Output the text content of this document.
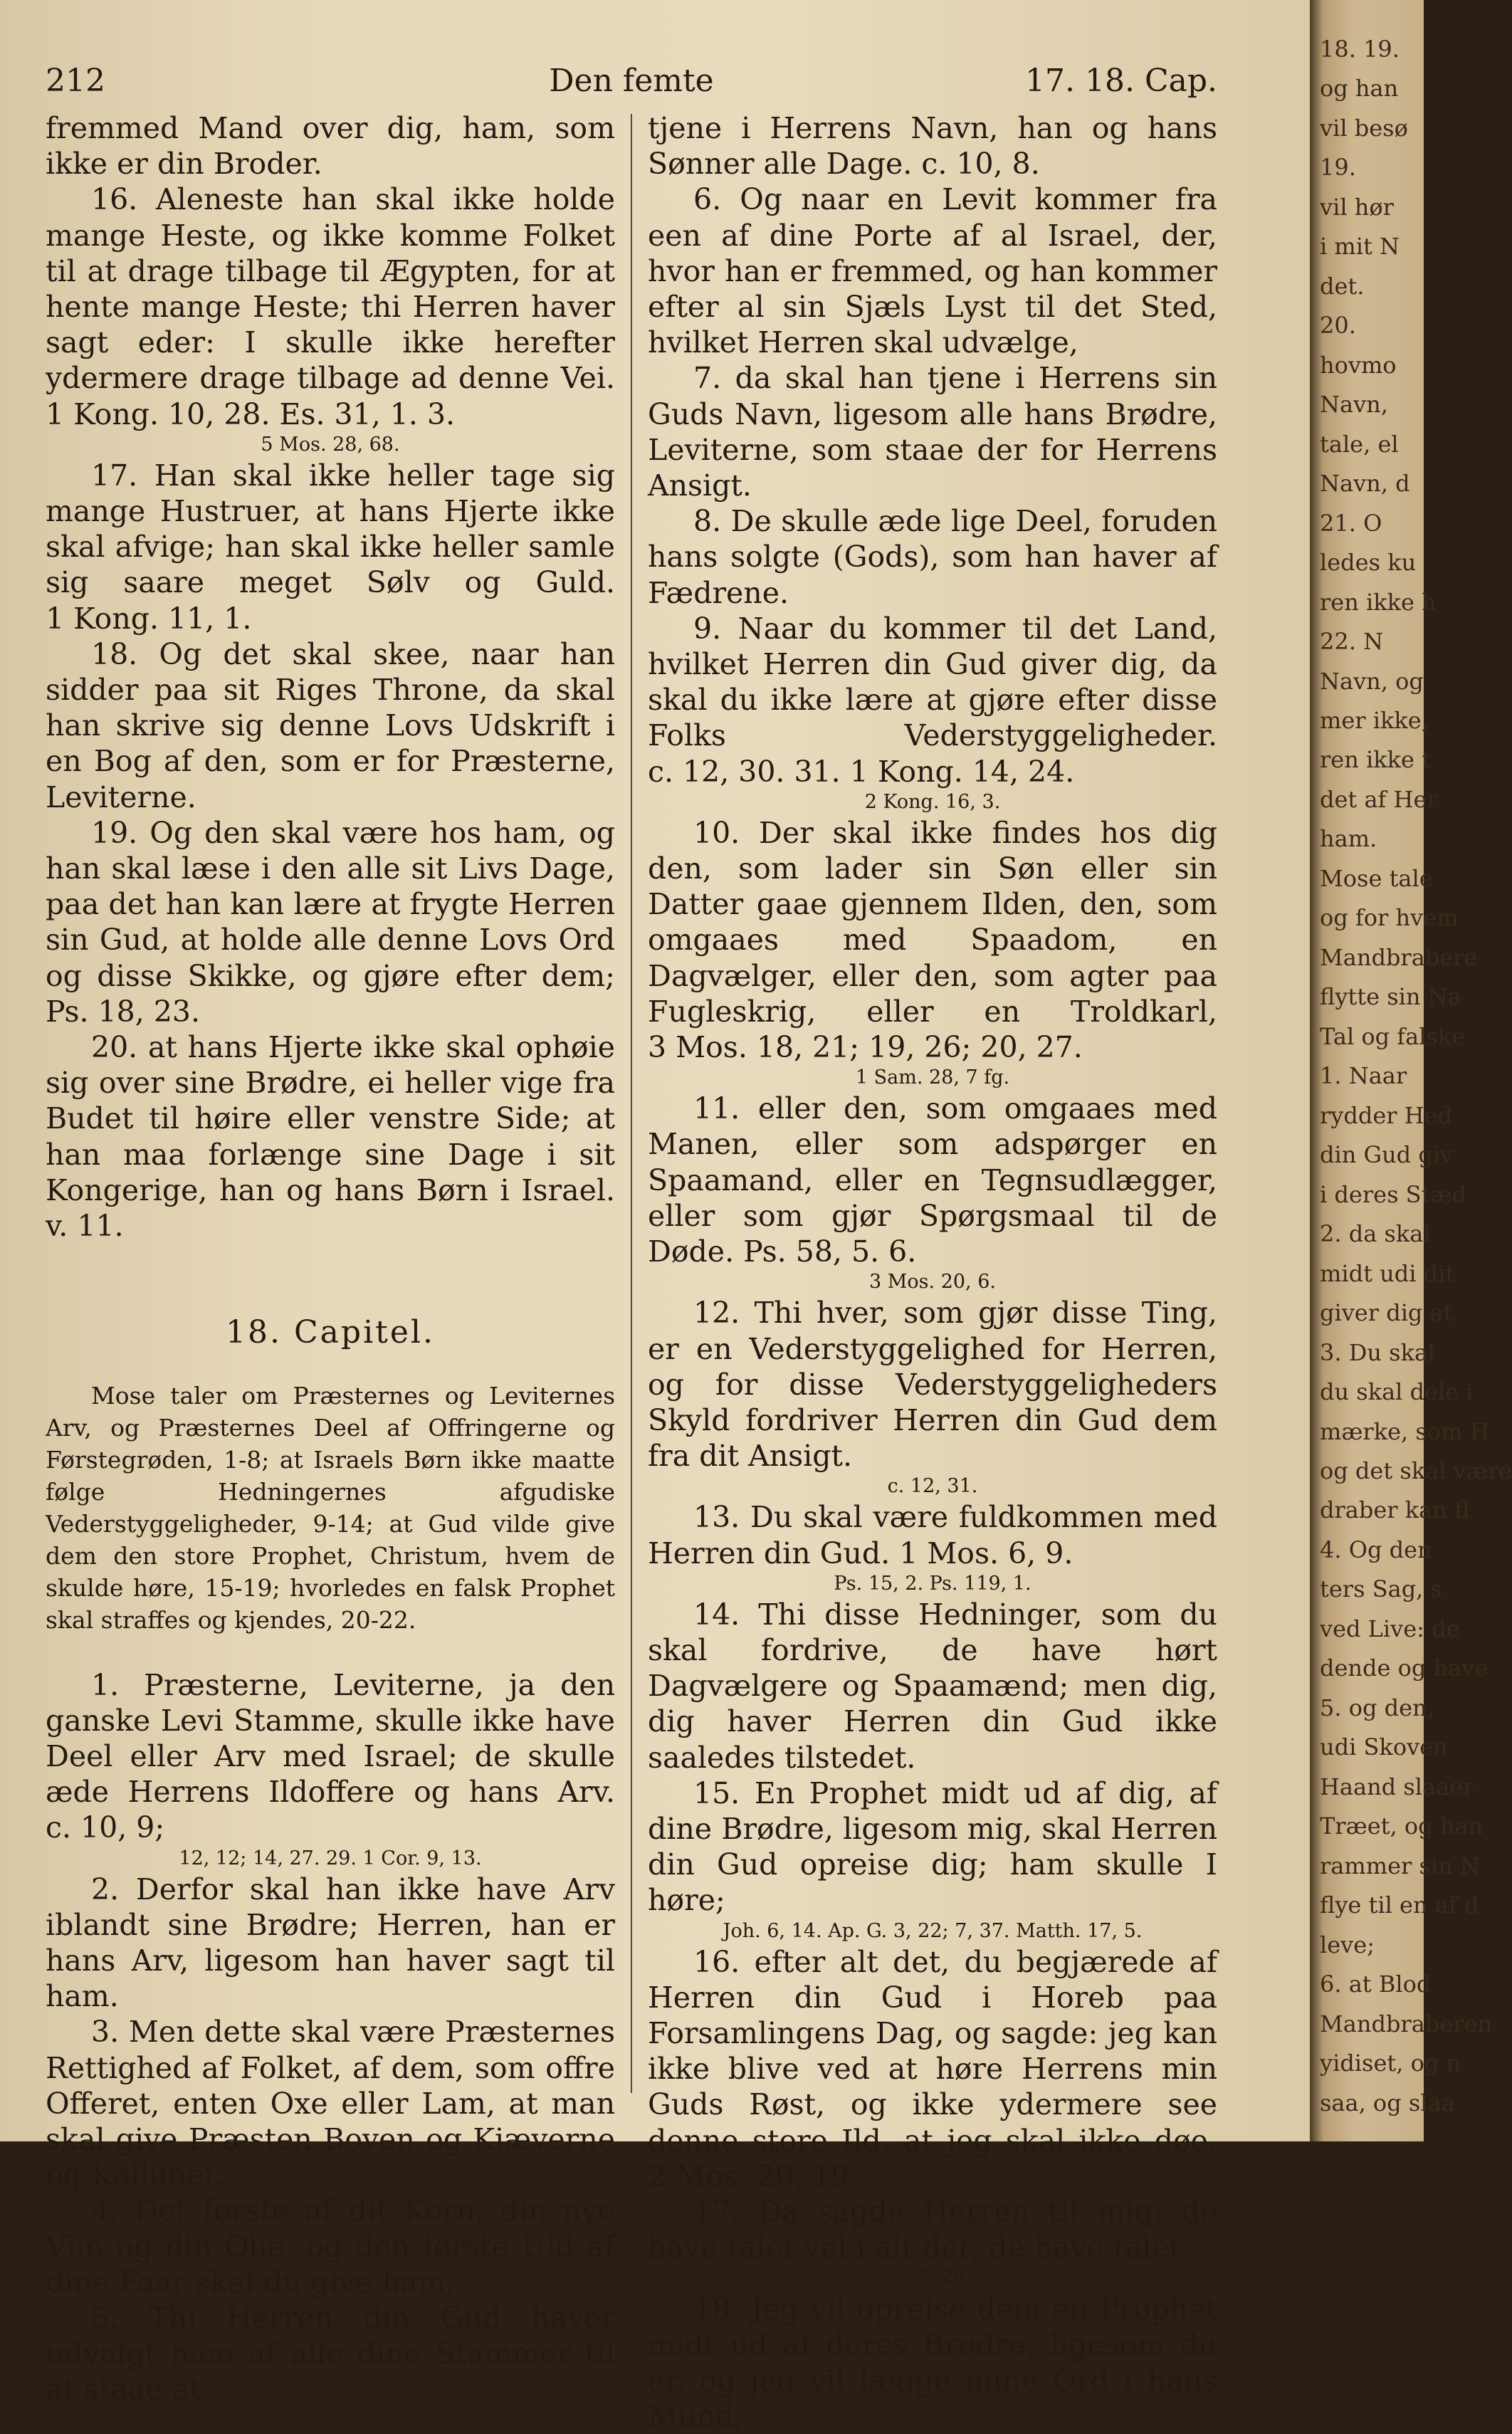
212	Den femte	17. 18. Cap.

fremmed Mand over dig, ham, som ikke er din Broder.

16. Aleneste han skal ikke holde mange Heste, og ikke komme Folket til at drage tilbage til Ægypten, for at hente mange Heste; thi Herren haver sagt eder: I skulle ikke herefter ydermere drage tilbage ad denne Vei. 1 Kong. 10, 28. Es. 31, 1. 3.

5 Mos. 28, 68.

17. Han skal ikke heller tage sig mange Hustruer, at hans Hjerte ikke skal afvige; han skal ikke heller samle sig saare meget Sølv og Guld. 1 Kong. 11, 1.

18. Og det skal skee, naar han sidder paa sit Riges Throne, da skal han skrive sig denne Lovs Udskrift i en Bog af den, som er for Præsterne, Leviterne.

19. Og den skal være hos ham, og han skal læse i den alle sit Livs Dage, paa det han kan lære at frygte Herren sin Gud, at holde alle denne Lovs Ord og disse Skikke, og gjøre efter dem; Ps. 18, 23.

20. at hans Hjerte ikke skal ophøie sig over sine Brødre, ei heller vige fra Budet til høire eller venstre Side; at han maa forlænge sine Dage i sit Kongerige, han og hans Børn i Israel. v. 11.

18. Capitel.

Mose taler om Præsternes og Leviternes Arv, og Præsternes Deel af Offringerne og Førstegrøden, 1-8; at Israels Børn ikke maatte følge Hedningernes afgudiske Vederstyggeligheder, 9-14; at Gud vilde give dem den store Prophet, Christum, hvem de skulde høre, 15-19; hvorledes en falsk Prophet skal straffes og kjendes, 20-22.

1. Præsterne, Leviterne, ja den ganske Levi Stamme, skulle ikke have Deel eller Arv med Israel; de skulle æde Herrens Ildoffere og hans Arv. c. 10, 9;

12, 12; 14, 27. 29. 1 Cor. 9, 13.

2. Derfor skal han ikke have Arv iblandt sine Brødre; Herren, han er hans Arv, ligesom han haver sagt til ham.

3. Men dette skal være Præsternes Rettighed af Folket, af dem, som offre Offeret, enten Oxe eller Lam, at man skal give Præsten Boven og Kjæverne og Kallunet.

4. Det første af dit Korn, din nye Viin og din Olie, og den første Uld af dine Faar skal du give ham.

5. Thi Herren din Gud haver udvalgt ham af alle dine Stammer til at staae at

tjene i Herrens Navn, han og hans Sønner alle Dage. c. 10, 8.

6. Og naar en Levit kommer fra een af dine Porte af al Israel, der, hvor han er fremmed, og han kommer efter al sin Sjæls Lyst til det Sted, hvilket Herren skal udvælge,

7. da skal han tjene i Herrens sin Guds Navn, ligesom alle hans Brødre, Leviterne, som staae der for Herrens Ansigt.

8. De skulle æde lige Deel, foruden hans solgte (Gods), som han haver af Fædrene.

9. Naar du kommer til det Land, hvilket Herren din Gud giver dig, da skal du ikke lære at gjøre efter disse Folks Vederstyggeligheder. c. 12, 30. 31. 1 Kong. 14, 24.

2 Kong. 16, 3.

10. Der skal ikke findes hos dig den, som lader sin Søn eller sin Datter gaae gjennem Ilden, den, som omgaaes med Spaadom, en Dagvælger, eller den, som agter paa Fugleskrig, eller en Troldkarl, 3 Mos. 18, 21; 19, 26; 20, 27.

1 Sam. 28, 7 fg.

11. eller den, som omgaaes med Manen, eller som adspørger en Spaamand, eller en Tegnsudlægger, eller som gjør Spørgsmaal til de Døde. Ps. 58, 5. 6.

3 Mos. 20, 6.

12. Thi hver, som gjør disse Ting, er en Vederstyggelighed for Herren, og for disse Vederstyggeligheders Skyld fordriver Herren din Gud dem fra dit Ansigt.

c. 12, 31.

13. Du skal være fuldkommen med Herren din Gud. 1 Mos. 6, 9.

Ps. 15, 2. Ps. 119, 1.

14. Thi disse Hedninger, som du skal fordrive, de have hørt Dagvælgere og Spaamænd; men dig, dig haver Herren din Gud ikke saaledes tilstedet.

15. En Prophet midt ud af dig, af dine Brødre, ligesom mig, skal Herren din Gud opreise dig; ham skulle I høre;

Joh. 6, 14. Ap. G. 3, 22; 7, 37. Matth. 17, 5.

16. efter alt det, du begjærede af Herren din Gud i Horeb paa Forsamlingens Dag, og sagde: jeg kan ikke blive ved at høre Herrens min Guds Røst, og ikke ydermere see denne store Ild, at jeg skal ikke døe. 2 Mos. 20, 19.

17. Da sagde Herren til mig: de have talet vel i alt det, de have talet.

c. 5, 28.

18. Jeg vil opreise dem en Prophet midt ud af deres Brødre, ligesom du er, og jeg vil lægge mine Ord i hans Mund,

18. 19.
og han
vil besø
19.
vil hør
i mit N
det.
20.
hovmo
Navn,
tale, el
Navn, d
21. O
ledes ku
ren ikke h
22. N
Navn, og
mer ikke,
ren ikke t
det af Her
ham.
Mose tale
og for hvem
Mandbrabere
flytte sin Na
Tal og falske
1. Naar
rydder Hed
din Gud giv
i deres Stæd
2. da skal
midt udi dit
giver dig at
3. Du skal
du skal dele i
mærke, som H
og det skal være
draber kan fl
4. Og den
ters Sag, s
ved Live: de
dende og have
5. og den,
udi Skoven
Haand slaaer
Træet, og han
rammer sin N
flye til en af d
leve;
6. at Blod
Mandbraberen
yidiset, og n
saa, og slaa
